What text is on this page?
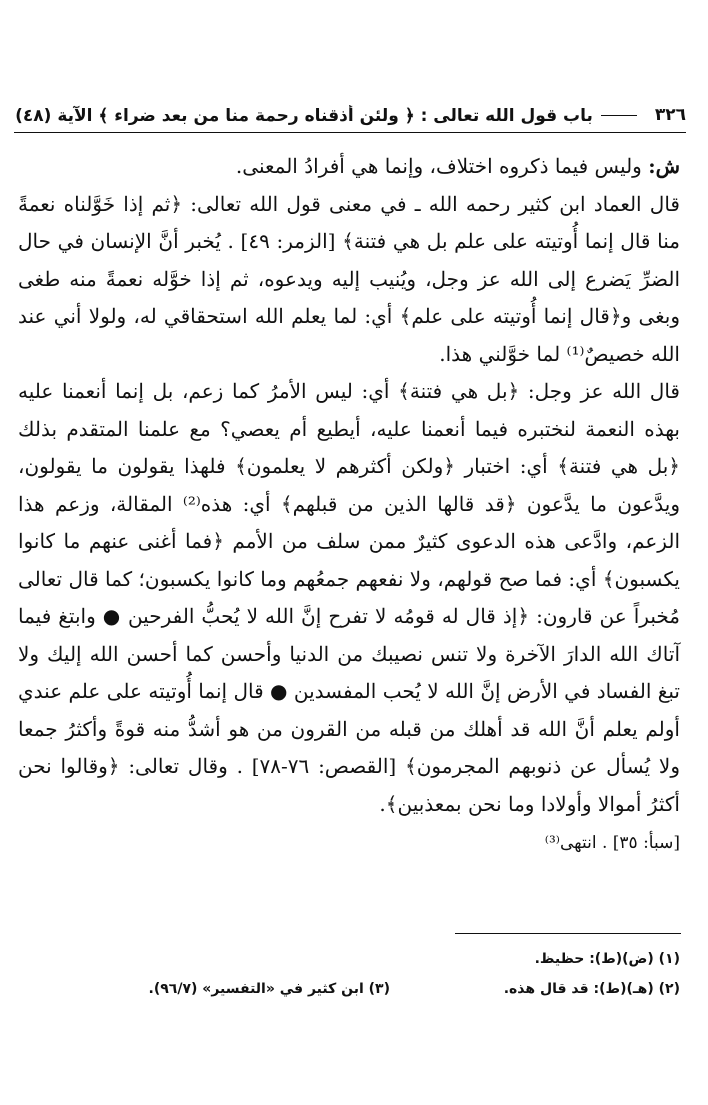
٣٢٦
باب قول الله تعالى : ﴿ ولئن أذقناه رحمة منا من بعد ضراء ﴾ الآية (٤٨)

ش: وليس فيما ذكروه اختلاف، وإنما هي أفرادُ المعنى.

قال العماد ابن كثير رحمه الله ـ في معنى قول الله تعالى: ﴿ثم إذا خَوَّلناه نعمةً منا قال إنما أُوتيته على علم بل هي فتنة﴾ [الزمر: ٤٩] . يُخبر أنَّ الإنسان في حال الضرِّ يَضرع إلى الله عز وجل، ويُنيب إليه ويدعوه، ثم إذا خوَّله نعمةً منه طغى وبغى و﴿قال إنما أُوتيته على علم﴾ أي: لما يعلم الله استحقاقي له، ولولا أني عند الله خصيصٌ⁽¹⁾ لما خوَّلني هذا.

قال الله عز وجل: ﴿بل هي فتنة﴾ أي: ليس الأمرُ كما زعم، بل إنما أنعمنا عليه بهذه النعمة لنختبره فيما أنعمنا عليه، أيطيع أم يعصي؟ مع علمنا المتقدم بذلك ﴿بل هي فتنة﴾ أي: اختبار ﴿ولكن أكثرهم لا يعلمون﴾ فلهذا يقولون ما يقولون، ويدَّعون ما يدَّعون ﴿قد قالها الذين من قبلهم﴾ أي: هذه⁽²⁾ المقالة، وزعم هذا الزعم، وادَّعى هذه الدعوى كثيرٌ ممن سلف من الأمم ﴿فما أغنى عنهم ما كانوا يكسبون﴾ أي: فما صح قولهم، ولا نفعهم جمعُهم وما كانوا يكسبون؛ كما قال تعالى مُخبراً عن قارون: ﴿إذ قال له قومُه لا تفرح إنَّ الله لا يُحبُّ الفرحين ● وابتغ فيما آتاك الله الدارَ الآخرة ولا تنس نصيبك من الدنيا وأحسن كما أحسن الله إليك ولا تبغ الفساد في الأرض إنَّ الله لا يُحب المفسدين ● قال إنما أُوتيته على علم عندي أولم يعلم أنَّ الله قد أهلك من قبله من القرون من هو أشدُّ منه قوةً وأكثرُ جمعا ولا يُسأل عن ذنوبهم المجرمون﴾ [القصص: ٧٦-٧٨] . وقال تعالى: ﴿وقالوا نحن أكثرُ أموالا وأولادا وما نحن بمعذبين﴾.

[سبأ: ٣٥] . انتهى⁽³⁾

(١) (ض)(ط): حظيظ.
(٢) (هـ)(ط): قد قال هذه.
(٣) ابن كثير في «التفسير» (٩٦/٧).
